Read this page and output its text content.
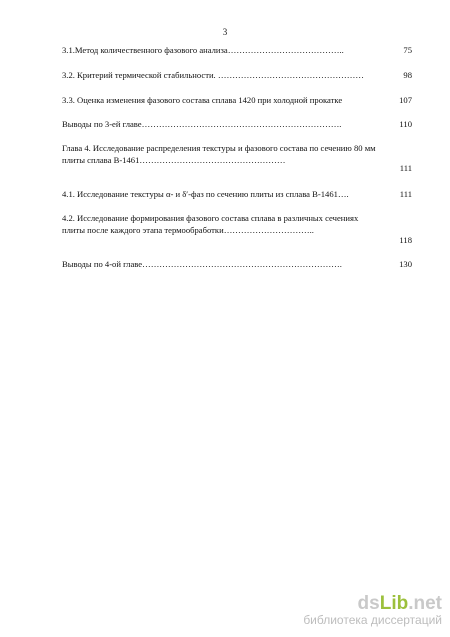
3
75
3.1.Метод количественного фазового анализа…………………………………..
98
3.2. Критерий термической стабильности. ……………………………………………
107
3.3. Оценка изменения фазового состава сплава 1420 при холодной прокатке
110
Выводы по 3-ей главе…………………………………………………………….
111
Глава 4. Исследование распределения текстуры и фазового состава по сечению 80 мм плиты сплава В-1461……………………………………………
111
4.1. Исследование текстуры α- и δ′-фаз по сечению плиты из сплава В-1461….
118
4.2. Исследование формирования фазового состава сплава в различных сечениях плиты после каждого этапа термообработки…………………………..
130
Выводы по 4-ой главе…………………………………………………………….
dsLib.net
библиотека диссертаций
